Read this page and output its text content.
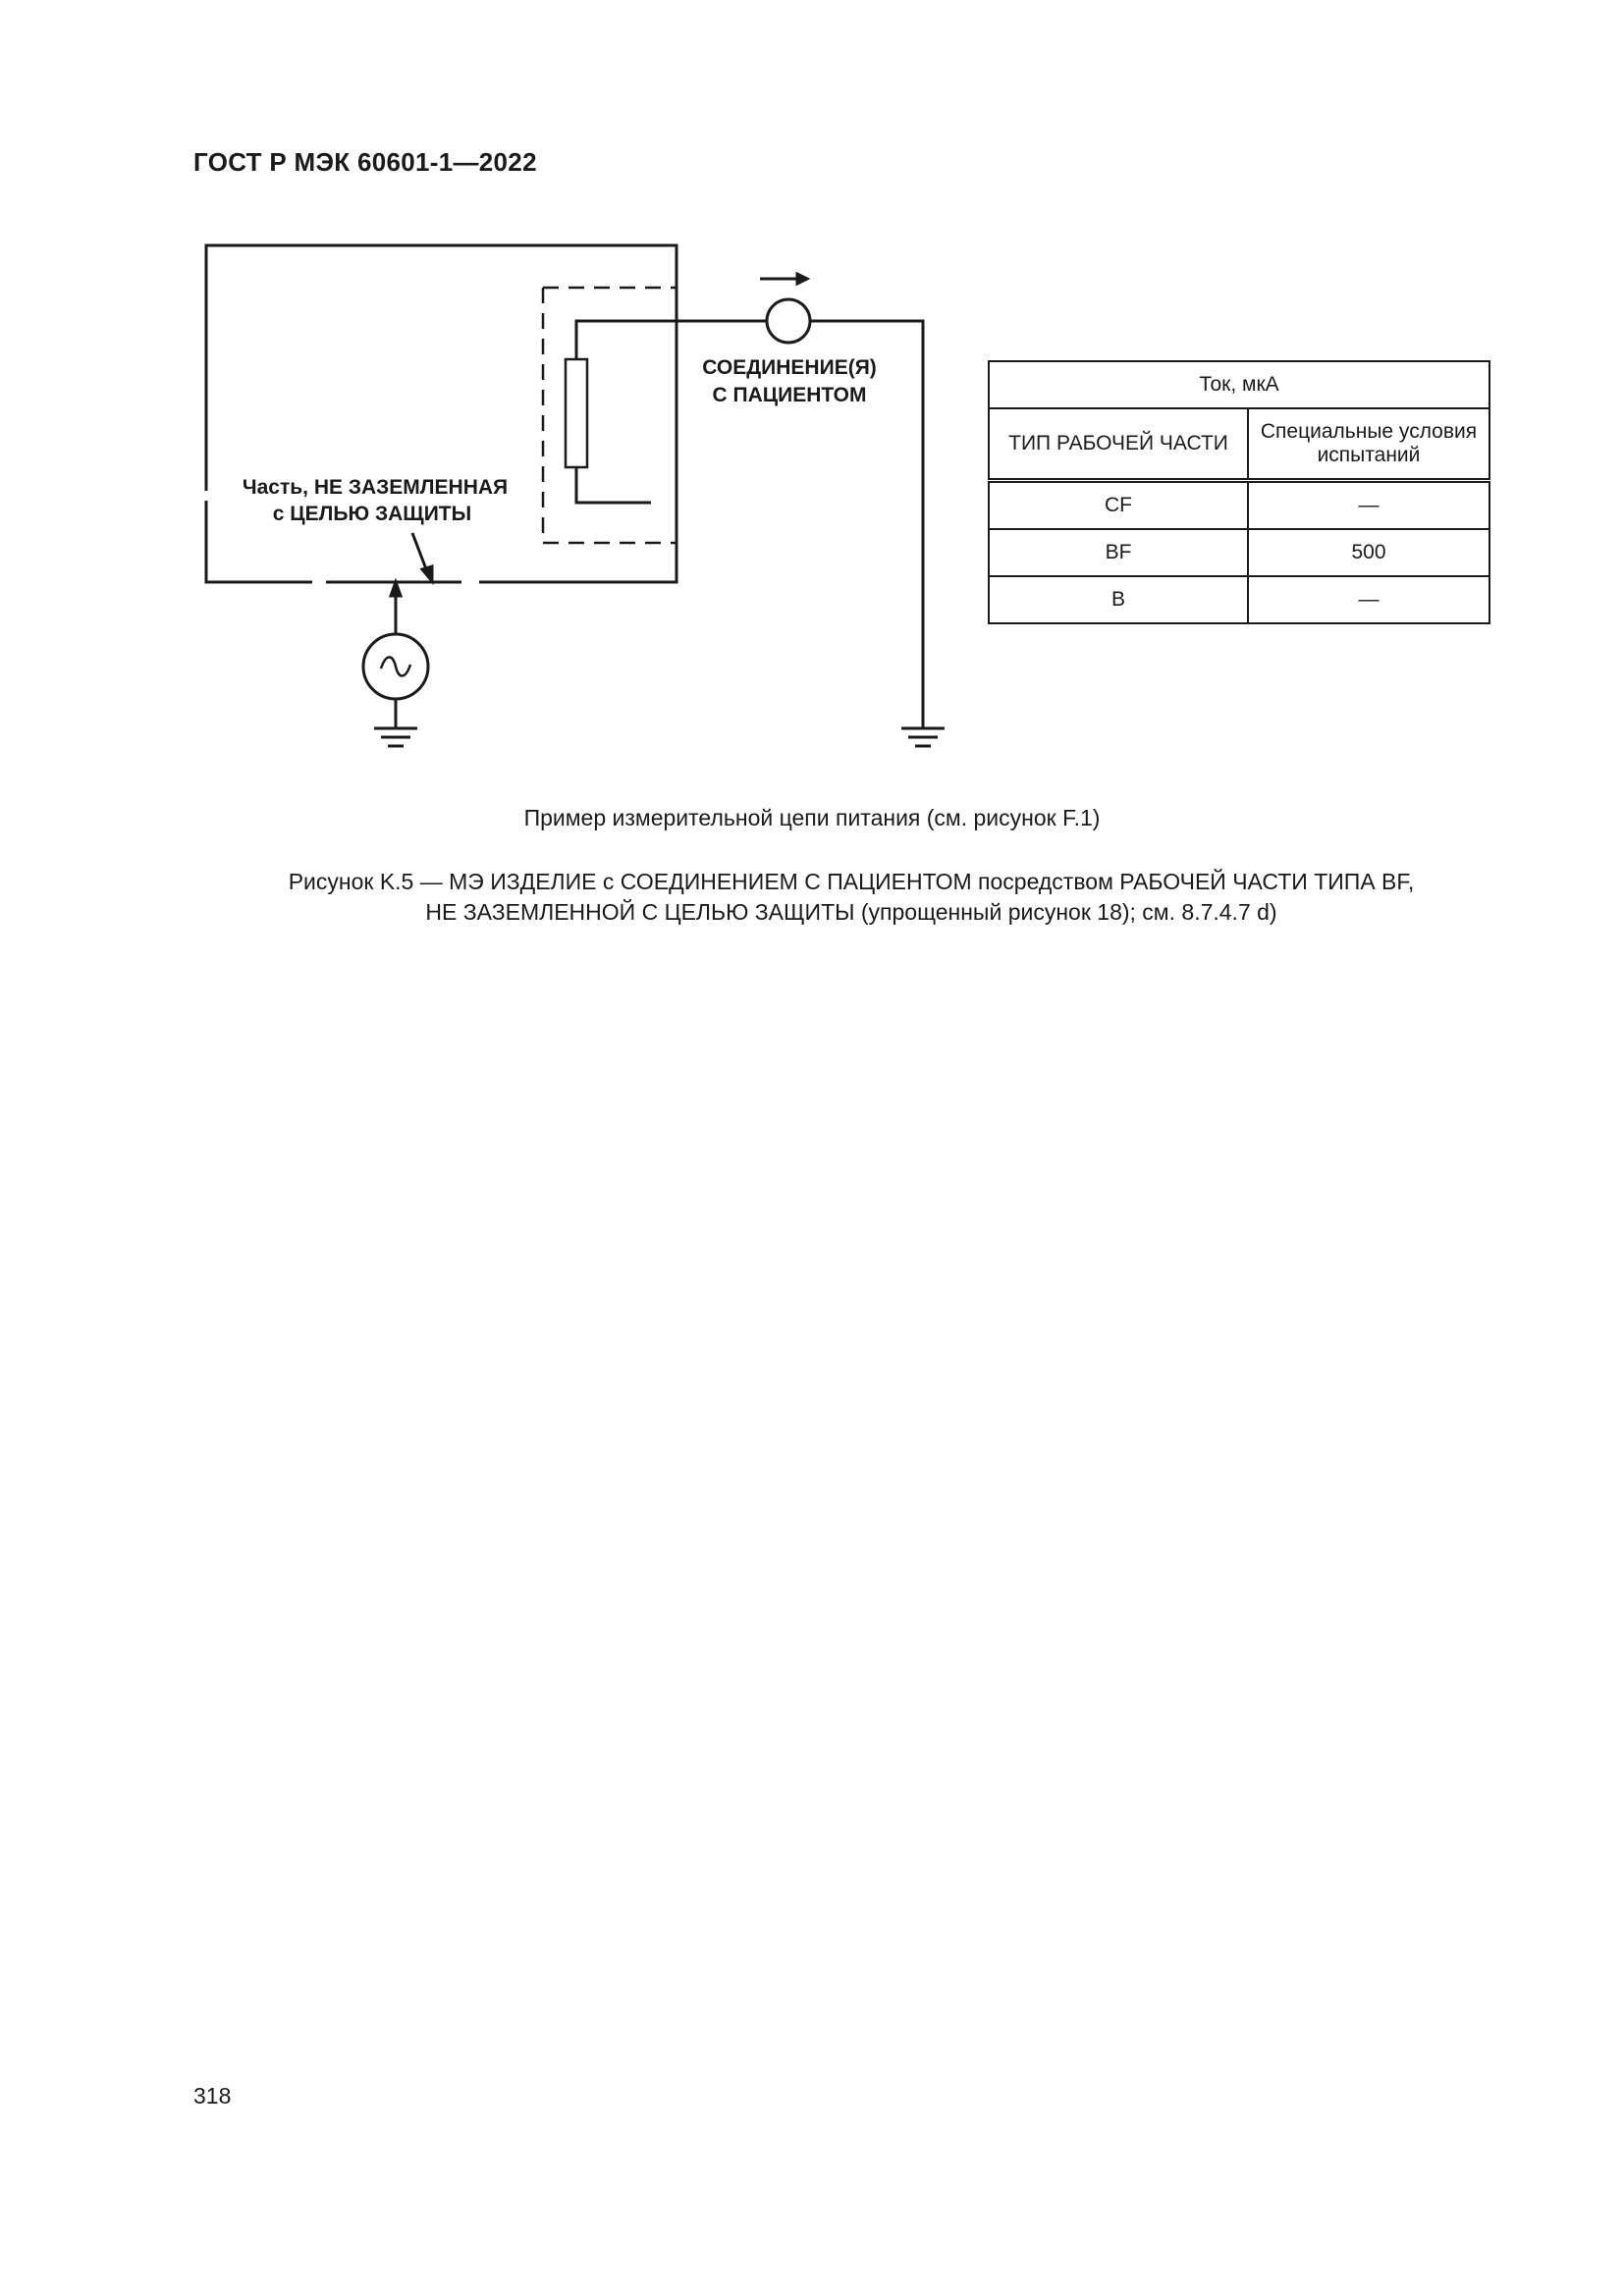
ГОСТ Р МЭК 60601-1—2022
СОЕДИНЕНИЕ(Я)
С ПАЦИЕНТОМ
Часть, НЕ ЗАЗЕМЛЕННАЯ
с ЦЕЛЬЮ ЗАЩИТЫ
Ток, мкА	
ТИП РАБОЧЕЙ ЧАСТИ	Специальные условия испытаний
CF	—
BF	500
B	—
Пример измерительной цепи питания (см. рисунок F.1)
Рисунок K.5 — МЭ ИЗДЕЛИЕ с СОЕДИНЕНИЕМ С ПАЦИЕНТОМ посредством РАБОЧЕЙ ЧАСТИ ТИПА BF,
НЕ ЗАЗЕМЛЕННОЙ С ЦЕЛЬЮ ЗАЩИТЫ (упрощенный рисунок 18); см. 8.7.4.7 d)
318
